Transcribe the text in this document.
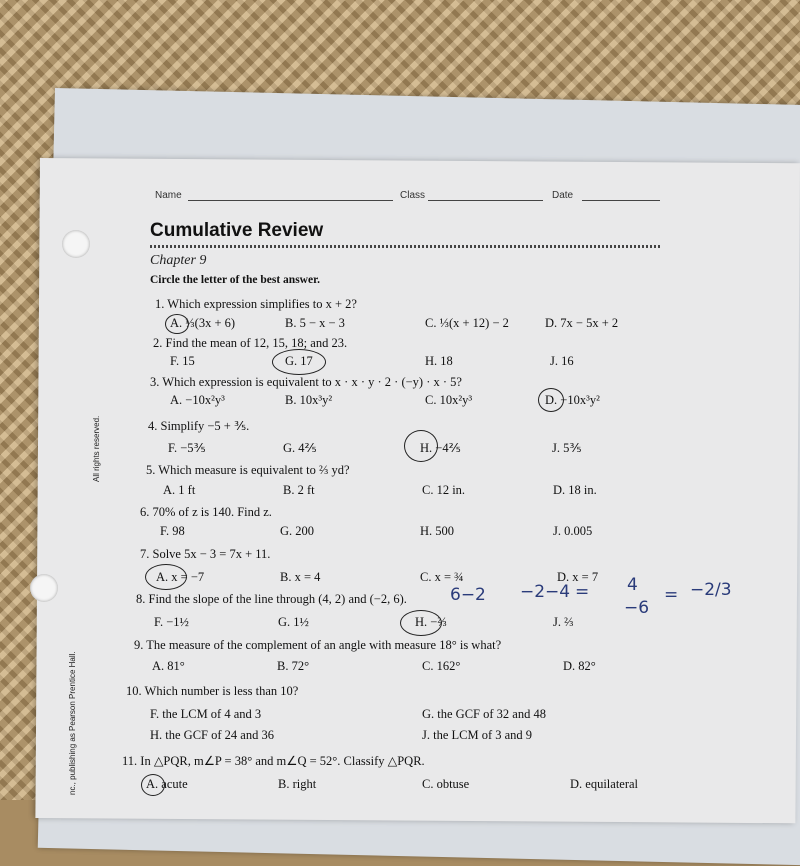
All rights reserved.
nc., publishing as Pearson Prentice Hall.
Name	Class	Date
Cumulative Review
Chapter 9
Circle the letter of the best answer.
1. Which expression simplifies to x + 2?
A. ⅓(3x + 6)	B. 5 − x − 3	C. ⅓(x + 12) − 2	D. 7x − 5x + 2
2. Find the mean of 12, 15, 18; and 23.
F. 15	G. 17	H. 18	J. 16
3. Which expression is equivalent to x · x · y · 2 · (−y) · x · 5?
A. −10x²y³	B. 10x³y²	C. 10x²y³	D. −10x³y²
4. Simplify −5 + ⅗.
F. −5⅗	G. 4⅖	H. −4⅖	J. 5⅗
5. Which measure is equivalent to ⅔ yd?
A. 1 ft	B. 2 ft	C. 12 in.	D. 18 in.
6. 70% of z is 140. Find z.
F. 98	G. 200	H. 500	J. 0.005
7. Solve 5x − 3 = 7x + 11.
A. x = −7	B. x = 4	C. x = ¾	D. x = 7
8. Find the slope of the line through (4, 2) and (−2, 6).
F. −1½	G. 1½	H. −⅔	J. ⅔
6−2 −2−4 = 4
−6
= −2/3
9. The measure of the complement of an angle with measure 18° is what?
A. 81°	B. 72°	C. 162°	D. 82°
10. Which number is less than 10?
F. the LCM of 4 and 3	G. the GCF of 32 and 48
H. the GCF of 24 and 36	J. the LCM of 3 and 9
11. In △PQR, m∠P = 38° and m∠Q = 52°. Classify △PQR.
A. acute	B. right	C. obtuse	D. equilateral
